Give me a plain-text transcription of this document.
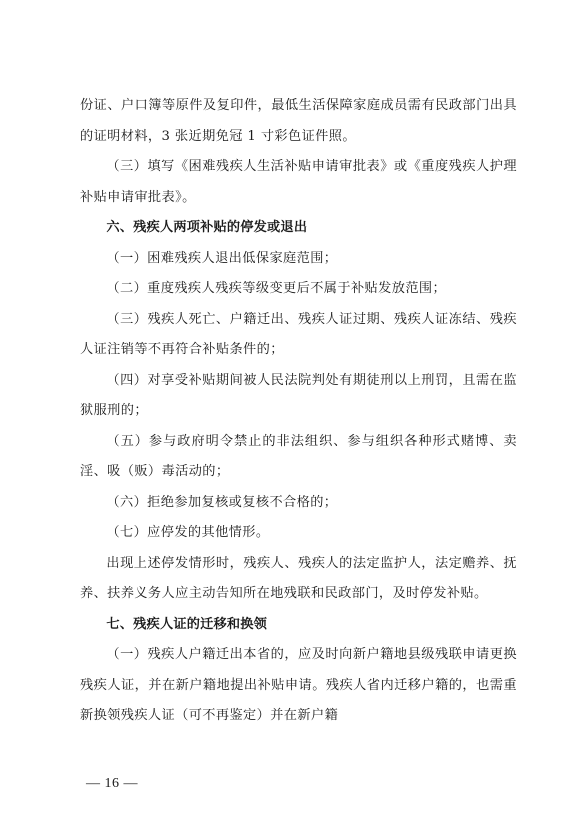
份证、户口簿等原件及复印件，最低生活保障家庭成员需有民政部门出具的证明材料，3 张近期免冠 1 寸彩色证件照。

（三）填写《困难残疾人生活补贴申请审批表》或《重度残疾人护理补贴申请审批表》。

六、残疾人两项补贴的停发或退出

（一）困难残疾人退出低保家庭范围；

（二）重度残疾人残疾等级变更后不属于补贴发放范围；

（三）残疾人死亡、户籍迁出、残疾人证过期、残疾人证冻结、残疾人证注销等不再符合补贴条件的；

（四）对享受补贴期间被人民法院判处有期徒刑以上刑罚，且需在监狱服刑的；

（五）参与政府明令禁止的非法组织、参与组织各种形式赌博、卖淫、吸（贩）毒活动的；

（六）拒绝参加复核或复核不合格的；

（七）应停发的其他情形。

出现上述停发情形时，残疾人、残疾人的法定监护人，法定赡养、抚养、扶养义务人应主动告知所在地残联和民政部门，及时停发补贴。

七、残疾人证的迁移和换领

（一）残疾人户籍迁出本省的，应及时向新户籍地县级残联申请更换残疾人证，并在新户籍地提出补贴申请。残疾人省内迁移户籍的，也需重新换领残疾人证（可不再鉴定）并在新户籍

— 16 —
